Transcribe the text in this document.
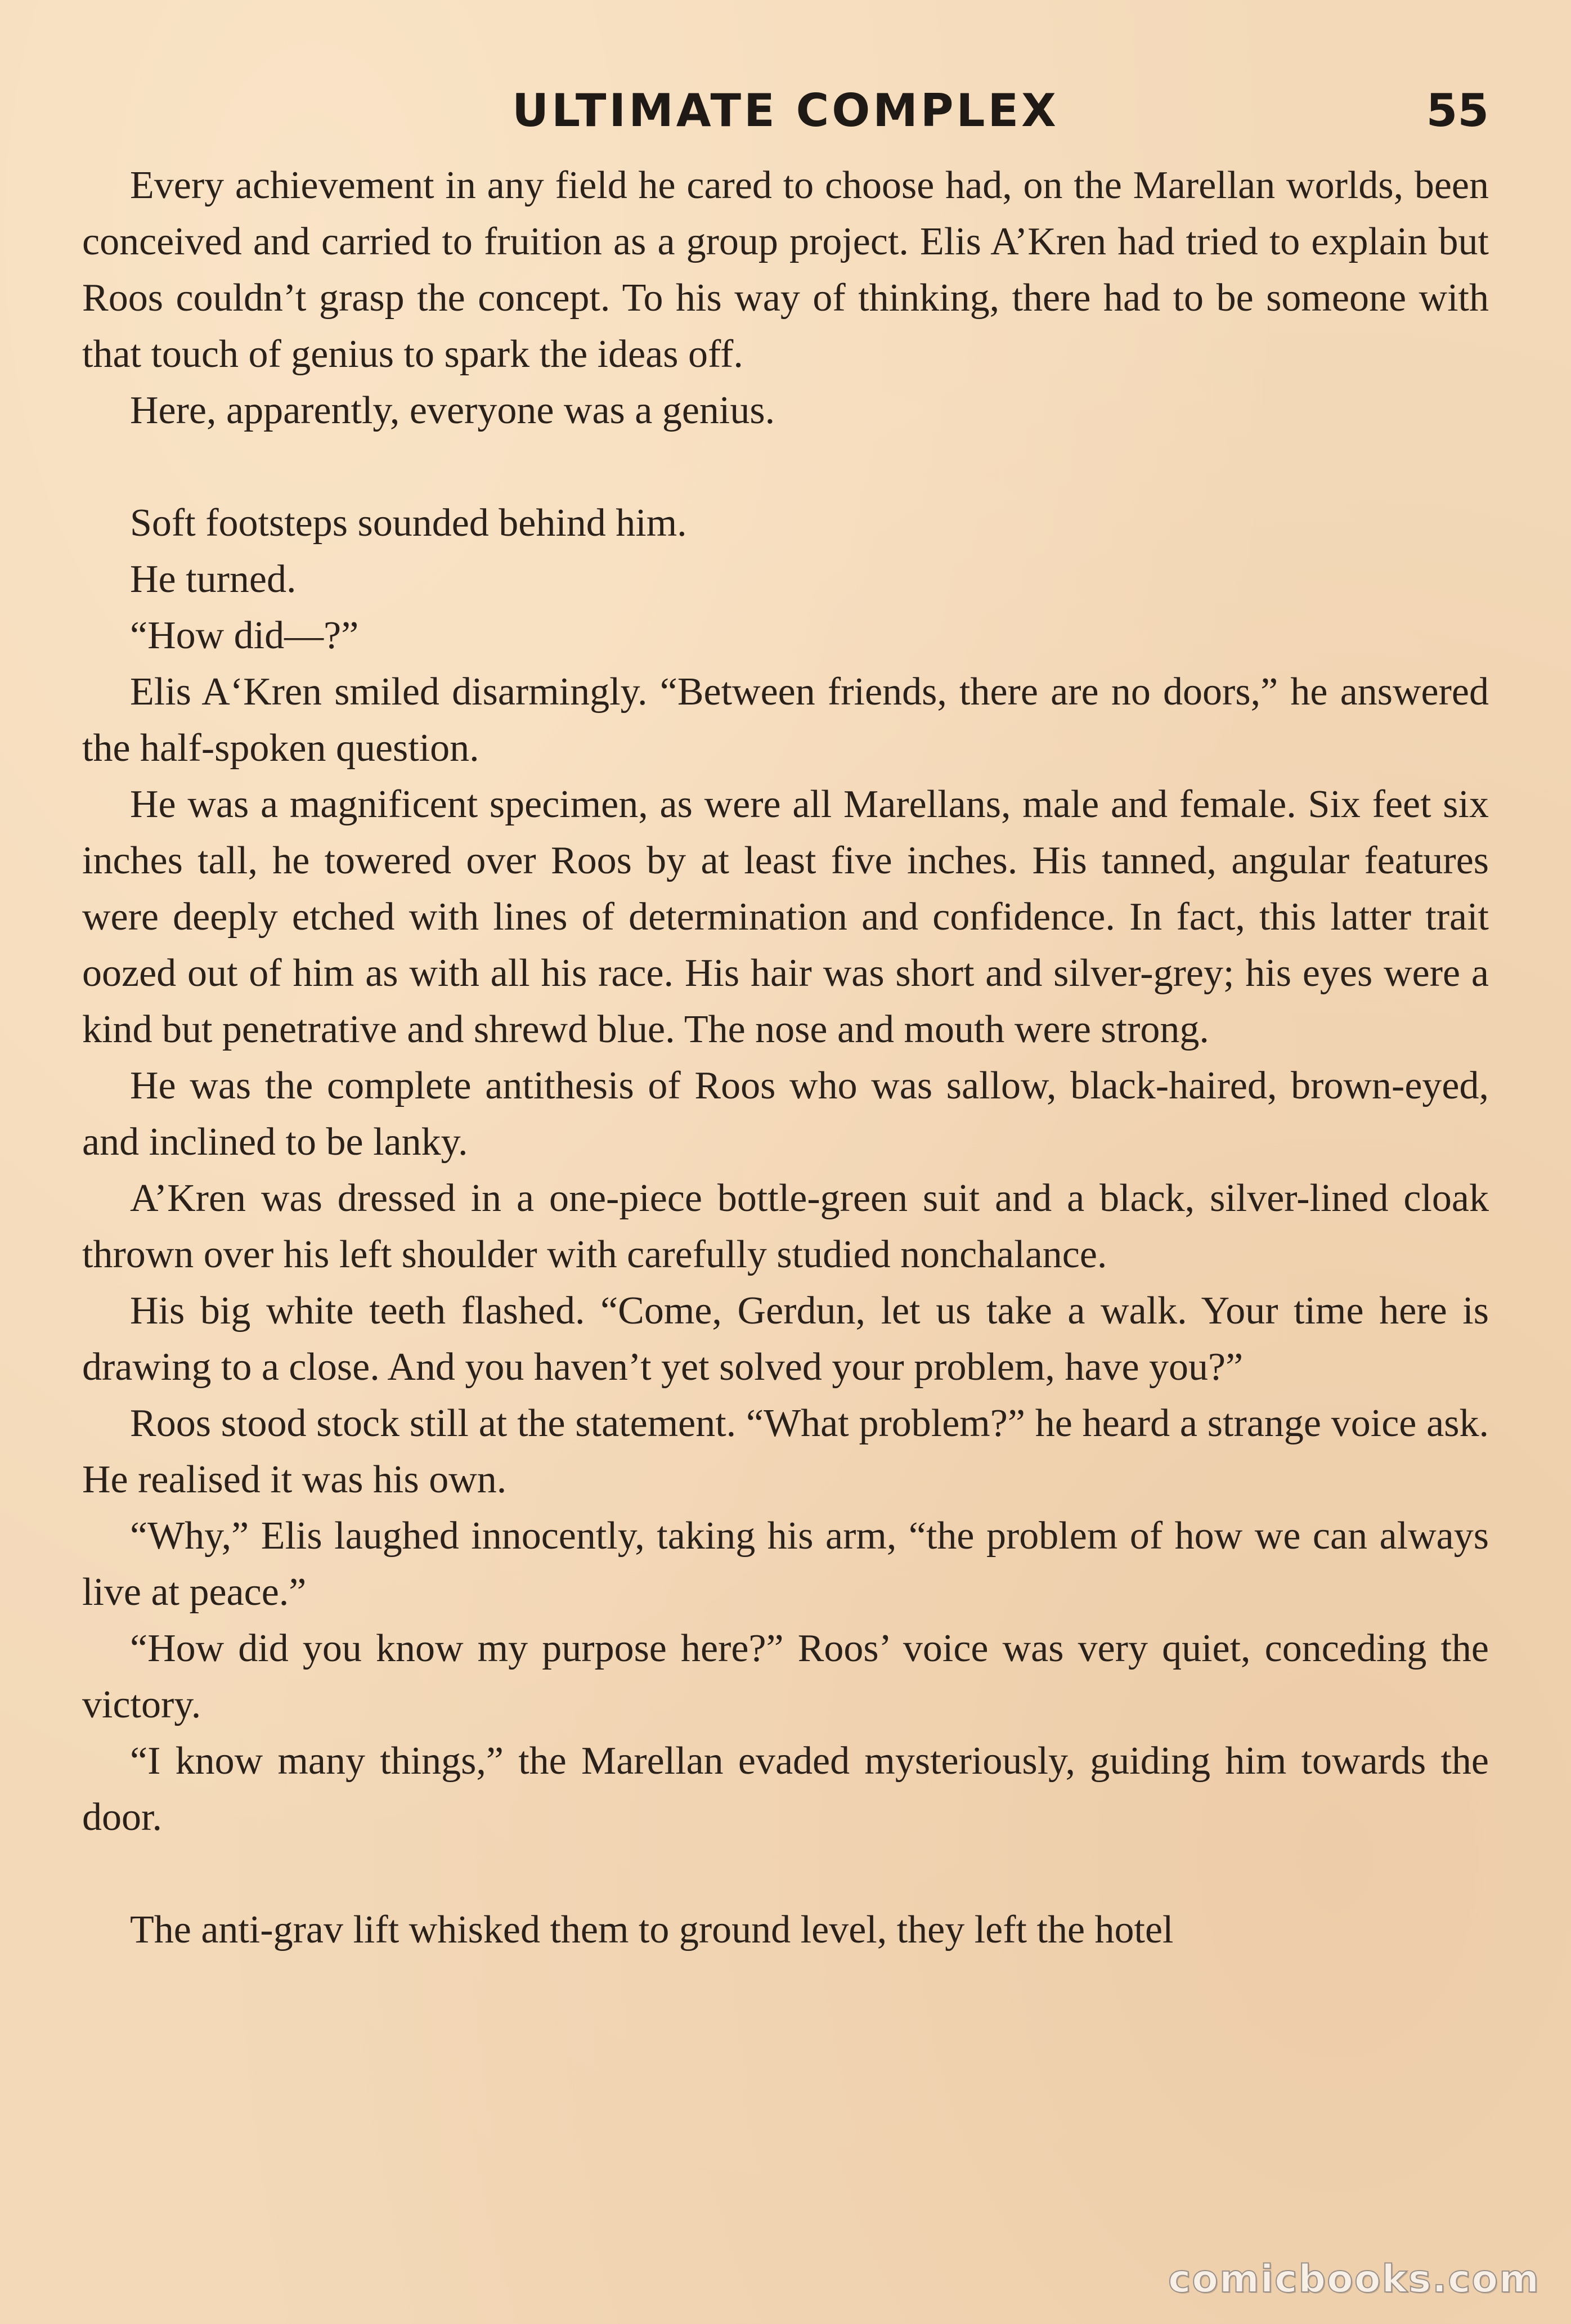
ULTIMATE COMPLEX	55

Every achievement in any field he cared to choose had, on the Marellan worlds, been conceived and carried to fruition as a group project. Elis A’Kren had tried to explain but Roos couldn’t grasp the concept. To his way of thinking, there had to be someone with that touch of genius to spark the ideas off.

Here, apparently, everyone was a genius.

Soft footsteps sounded behind him.

He turned.

“How did—?”

Elis A‘Kren smiled disarmingly. “Between friends, there are no doors,” he answered the half-spoken question.

He was a magnificent specimen, as were all Marellans, male and female. Six feet six inches tall, he towered over Roos by at least five inches. His tanned, angular features were deeply etched with lines of determination and confidence. In fact, this latter trait oozed out of him as with all his race. His hair was short and silver-grey; his eyes were a kind but penetrative and shrewd blue. The nose and mouth were strong.

He was the complete antithesis of Roos who was sallow, black-haired, brown-eyed, and inclined to be lanky.

A’Kren was dressed in a one-piece bottle-green suit and a black, silver-lined cloak thrown over his left shoulder with carefully studied nonchalance.

His big white teeth flashed. “Come, Gerdun, let us take a walk. Your time here is drawing to a close. And you haven’t yet solved your problem, have you?”

Roos stood stock still at the statement. “What problem?” he heard a strange voice ask. He realised it was his own.

“Why,” Elis laughed innocently, taking his arm, “the problem of how we can always live at peace.”

“How did you know my purpose here?” Roos’ voice was very quiet, conceding the victory.

“I know many things,” the Marellan evaded mysteriously, guiding him towards the door.

The anti-grav lift whisked them to ground level, they left the hotel

comicbooks.com
